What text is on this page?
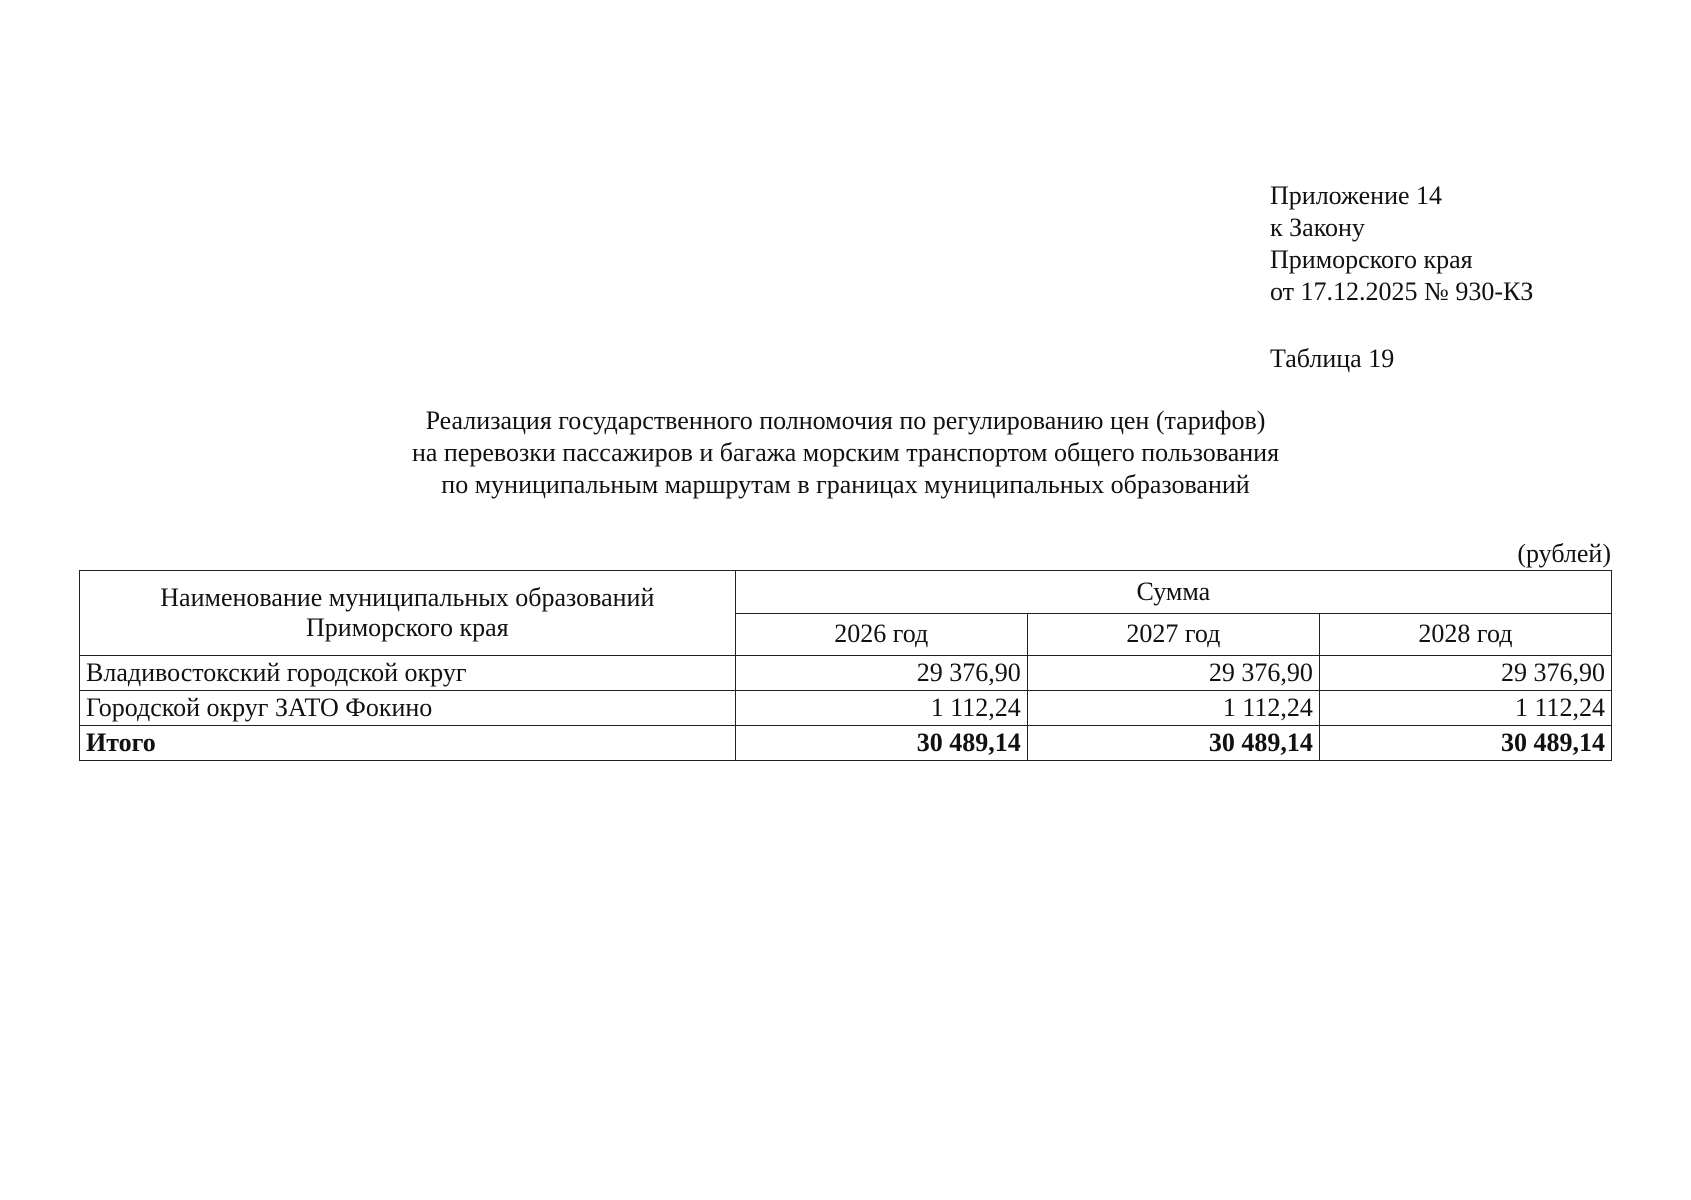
Приложение 14
к Закону
Приморского края
от 17.12.2025 № 930-КЗ
Таблица 19
Реализация государственного полномочия по регулированию цен (тарифов)
на перевозки пассажиров и багажа морским транспортом общего пользования
по муниципальным маршрутам в границах муниципальных образований
(рублей)
Наименование муниципальных образований
Приморского края	Сумма		
	2026 год	2027 год	2028 год
Владивостокский городской округ	29 376,90	29 376,90	29 376,90
Городской округ ЗАТО Фокино	1 112,24	1 112,24	1 112,24
Итого	30 489,14	30 489,14	30 489,14
